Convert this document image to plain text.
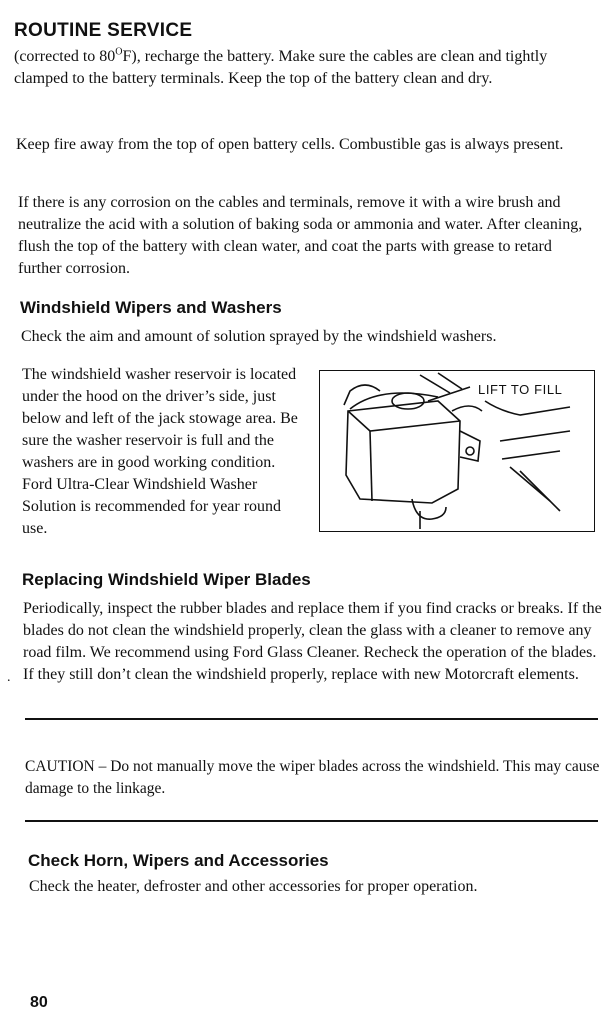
ROUTINE SERVICE

(corrected to $80^OF$), recharge the battery. Make sure the cables are clean and tightly clamped to the battery terminals. Keep the top of the battery clean and dry.

Keep fire away from the top of open battery cells. Combustible gas is always present.

If there is any corrosion on the cables and terminals, remove it with a wire brush and neutralize the acid with a solution of baking soda or ammonia and water. After cleaning, flush the top of the battery with clean water, and coat the parts with grease to retard further corrosion.

Windshield Wipers and Washers

Check the aim and amount of solution sprayed by the windshield washers.

The windshield washer reservoir is located under the hood on the driver’s side, just below and left of the jack stowage area. Be sure the washer reservoir is full and the washers are in good working condition. Ford Ultra-Clear Windshield Washer Solution is recommended for year round use.

LIFT TO FILL
Replacing Windshield Wiper Blades

Periodically, inspect the rubber blades and replace them if you find cracks or breaks. If the blades do not clean the windshield properly, clean the glass with a cleaner to remove any road film. We recommend using Ford Glass Cleaner. Recheck the operation of the blades. If they still don’t clean the windshield properly, replace with new Motorcraft elements.

.

CAUTION – Do not manually move the wiper blades across the windshield. This may cause damage to the linkage.

Check Horn, Wipers and Accessories

Check the heater, defroster and other accessories for proper operation.

80
